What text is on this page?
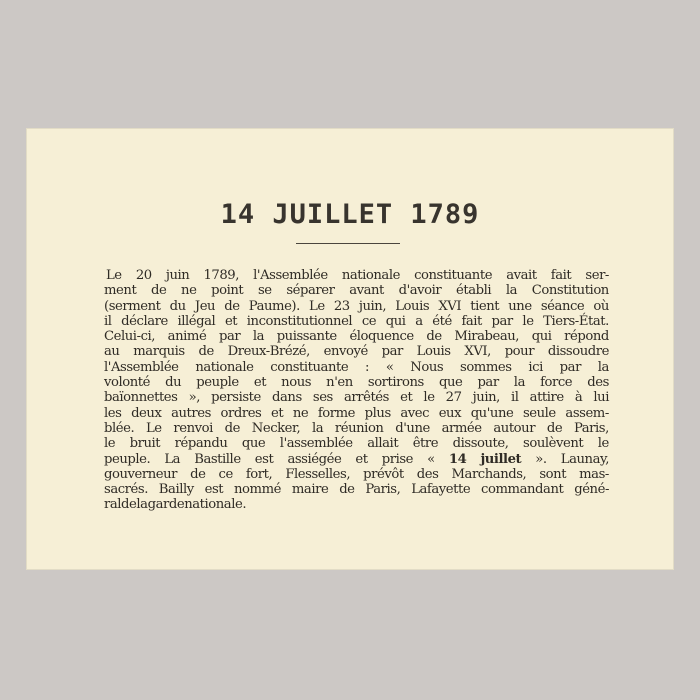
14 JUILLET 1789
Le 20 juin 1789, l'Assemblée nationale constituante avait fait ser-
ment de ne point se séparer avant d'avoir établi la Constitution
(serment du Jeu de Paume). Le 23 juin, Louis XVI tient une séance où
il déclare illégal et inconstitutionnel ce qui a été fait par le Tiers-État.
Celui-ci, animé par la puissante éloquence de Mirabeau, qui répond
au marquis de Dreux-Brézé, envoyé par Louis XVI, pour dissoudre
l'Assemblée nationale constituante : « Nous sommes ici par la
volonté du peuple et nous n'en sortirons que par la force des
baïonnettes », persiste dans ses arrêtés et le 27 juin, il attire à lui
les deux autres ordres et ne forme plus avec eux qu'une seule assem-
blée. Le renvoi de Necker, la réunion d'une armée autour de Paris,
le bruit répandu que l'assemblée allait être dissoute, soulèvent le
peuple. La Bastille est assiégée et prise « 14 juillet ». Launay,
gouverneur de ce fort, Flesselles, prévôt des Marchands, sont mas-
sacrés. Bailly est nommé maire de Paris, Lafayette commandant géné-
ral de la garde nationale.
